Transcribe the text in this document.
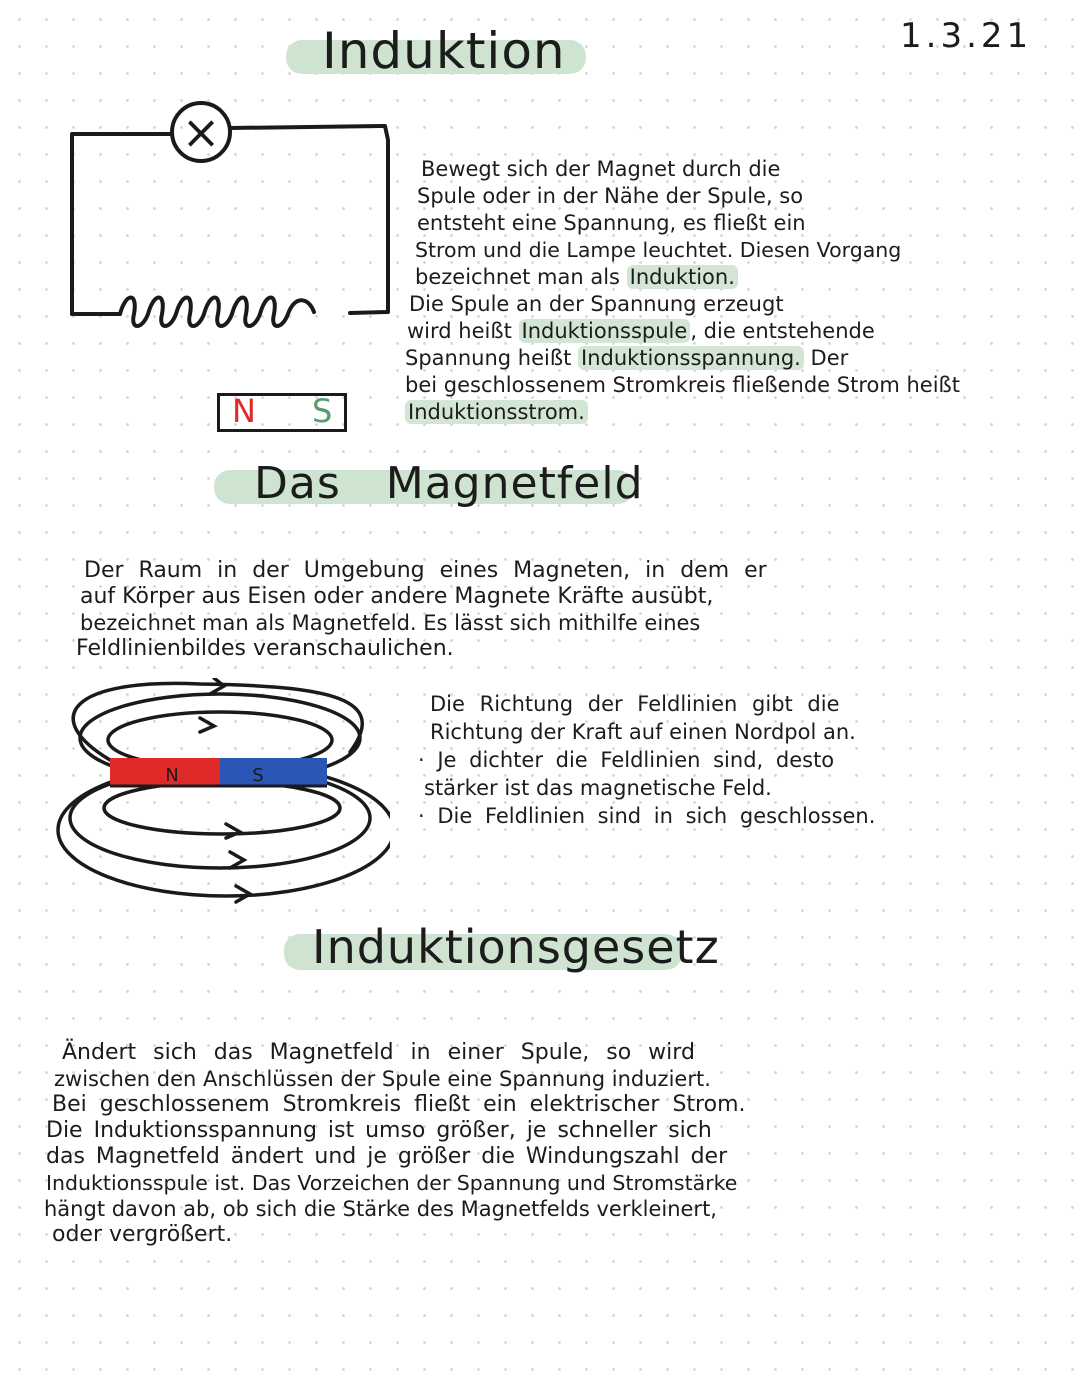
1.3.21
Induktion
×
N S
Bewegt sich der Magnet durch die
Spule oder in der Nähe der Spule, so
entsteht eine Spannung, es fließt ein
Strom und die Lampe leuchtet. Diesen Vorgang
bezeichnet man als Induktion.
Die Spule an der Spannung erzeugt
wird heißt Induktionsspule , die entstehende
Spannung heißt Induktionsspannung. Der
bei geschlossenem Stromkreis fließende Strom heißt
Induktionsstrom.
Das Magnetfeld
Der Raum in der Umgebung eines Magneten, in dem er
auf Körper aus Eisen oder andere Magnete Kräfte ausübt,
bezeichnet man als Magnetfeld. Es lässt sich mithilfe eines
Feldlinienbildes veranschaulichen.
N	S
Die Richtung der Feldlinien gibt die
Richtung der Kraft auf einen Nordpol an.
· Je dichter die Feldlinien sind, desto
stärker ist das magnetische Feld.
· Die Feldlinien sind in sich geschlossen.
Induktionsgesetz
Ändert sich das Magnetfeld in einer Spule, so wird
zwischen den Anschlüssen der Spule eine Spannung induziert.
Bei geschlossenem Stromkreis fließt ein elektrischer Strom.
Die Induktionsspannung ist umso größer, je schneller sich
das Magnetfeld ändert und je größer die Windungszahl der
Induktionsspule ist. Das Vorzeichen der Spannung und Stromstärke
hängt davon ab, ob sich die Stärke des Magnetfelds verkleinert,
oder vergrößert.
